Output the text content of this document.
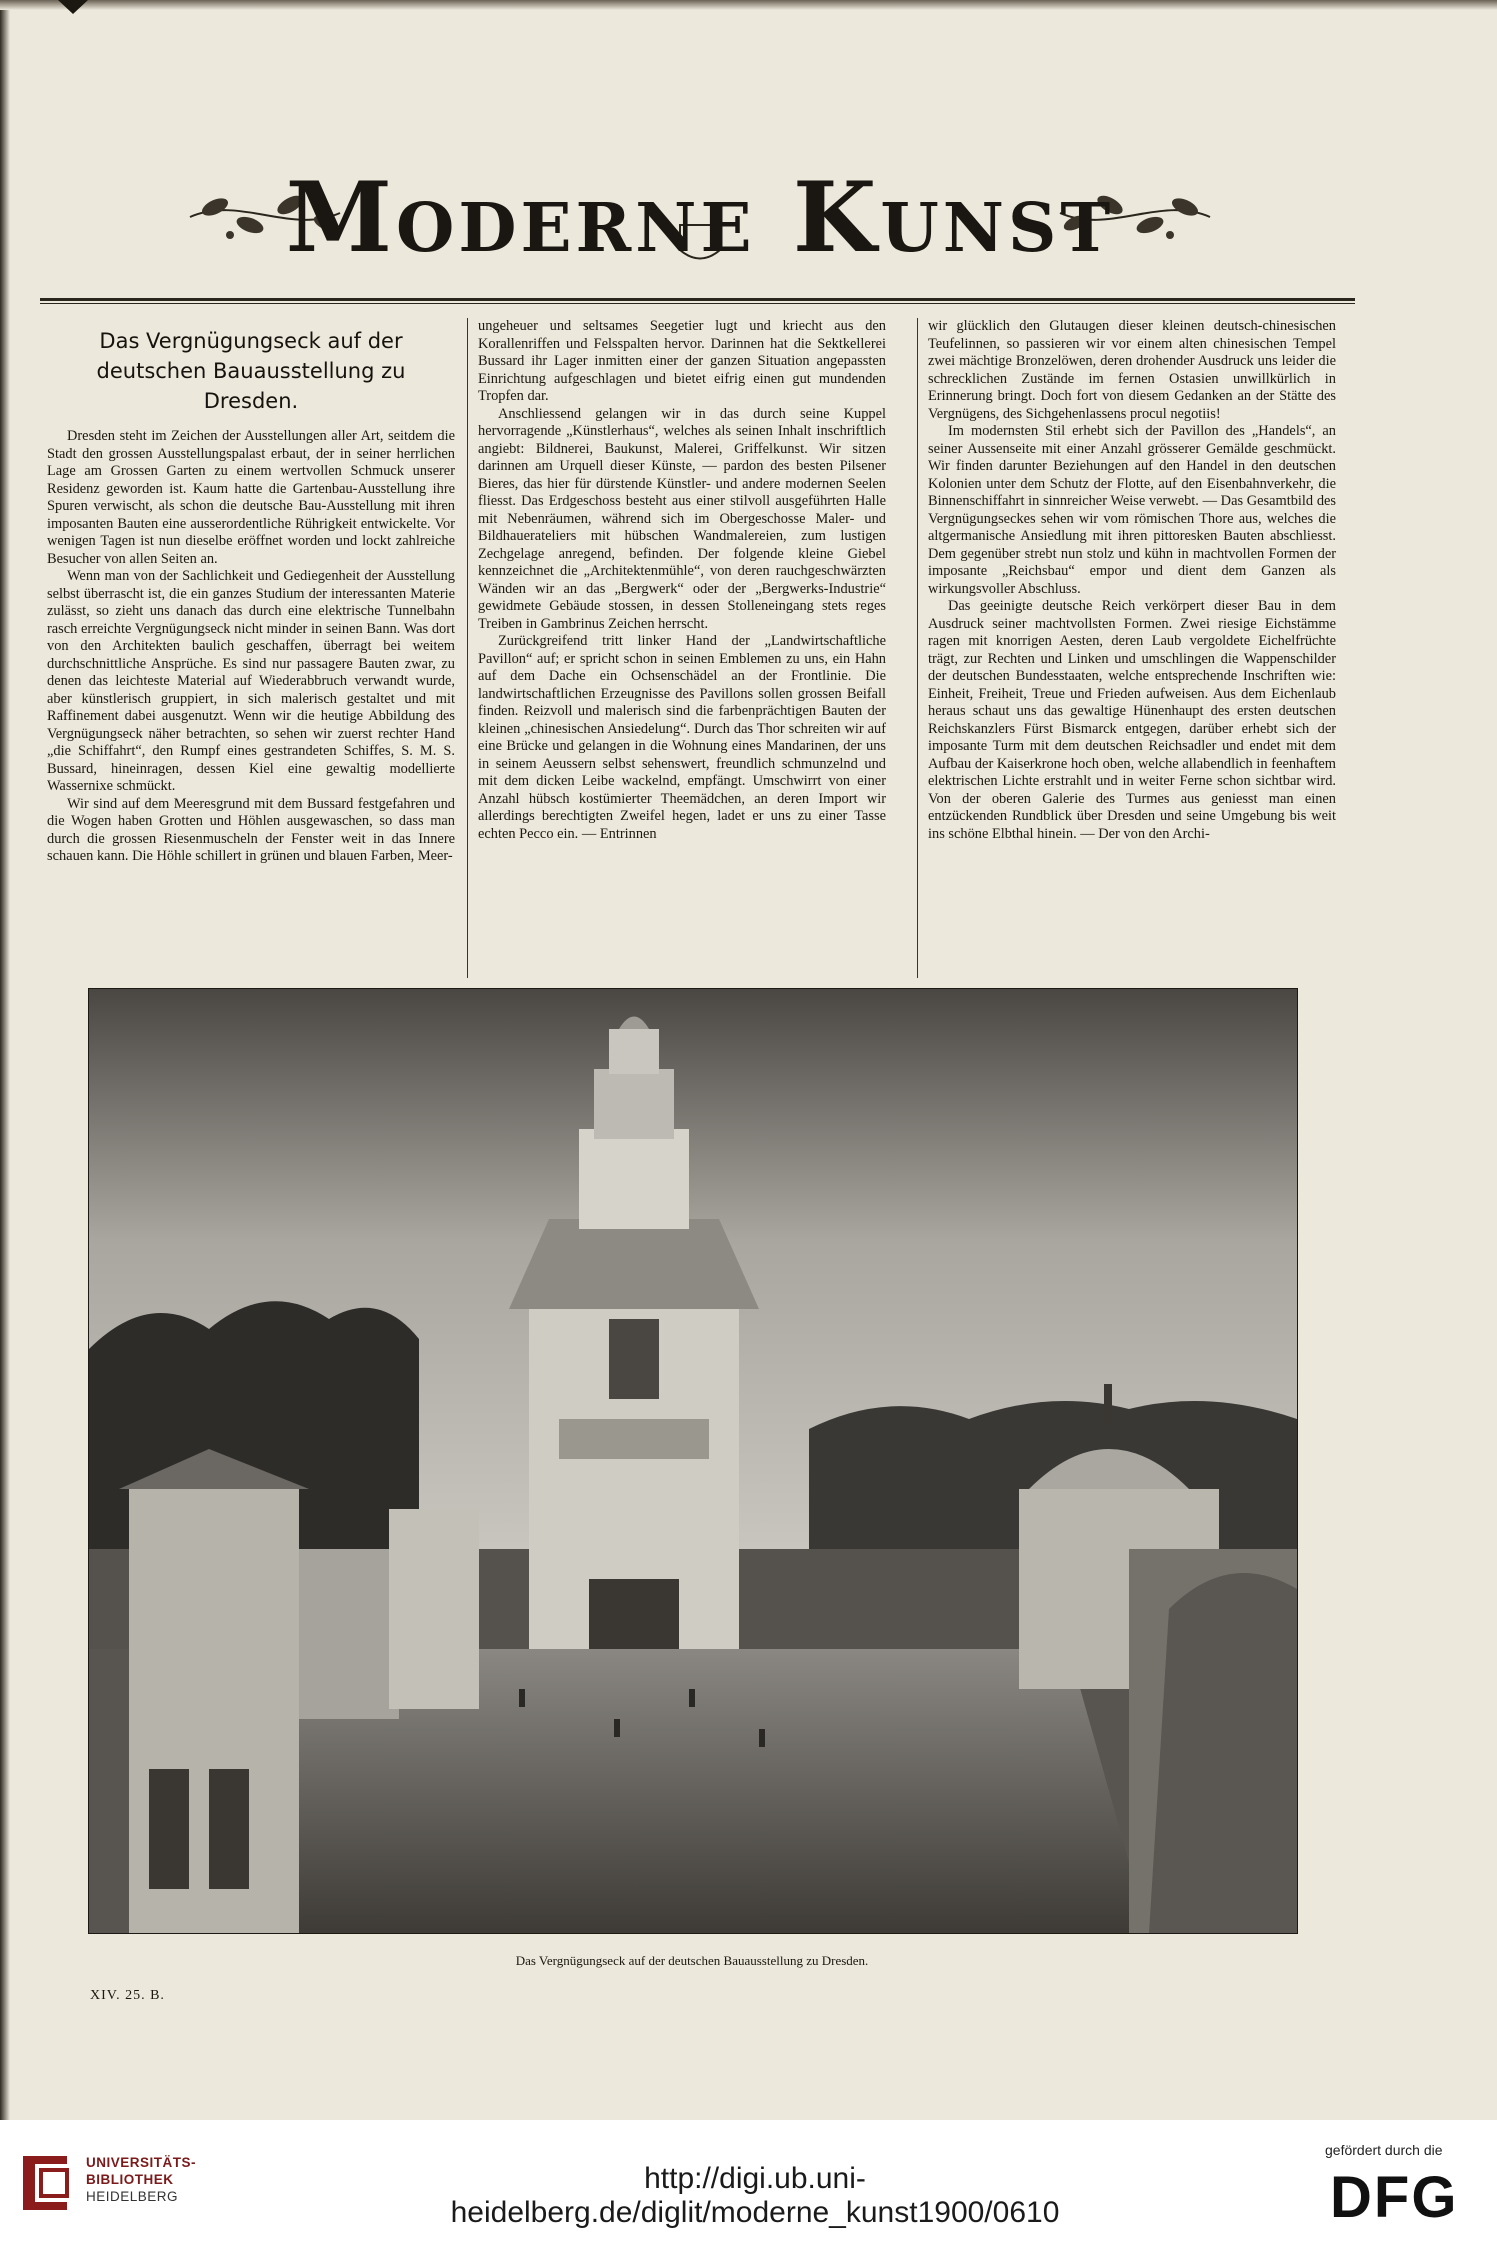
Moderne Kunst
Das Vergnügungseck auf der
deutschen Bauausstellung zu Dresden.

Dresden steht im Zeichen der Ausstellungen aller Art, seitdem die Stadt den grossen Ausstellungspalast erbaut, der in seiner herrlichen Lage am Grossen Garten zu einem wertvollen Schmuck unserer Residenz geworden ist. Kaum hatte die Gartenbau-Ausstellung ihre Spuren verwischt, als schon die deutsche Bau-Ausstellung mit ihren imposanten Bauten eine ausserordentliche Rührigkeit entwickelte. Vor wenigen Tagen ist nun dieselbe eröffnet worden und lockt zahlreiche Besucher von allen Seiten an.

Wenn man von der Sachlichkeit und Gediegenheit der Ausstellung selbst überrascht ist, die ein ganzes Studium der interessanten Materie zulässt, so zieht uns danach das durch eine elektrische Tunnelbahn rasch erreichte Vergnügungseck nicht minder in seinen Bann. Was dort von den Architekten baulich geschaffen, überragt bei weitem durchschnittliche Ansprüche. Es sind nur passagere Bauten zwar, zu denen das leichteste Material auf Wiederabbruch verwandt wurde, aber künstlerisch gruppiert, in sich malerisch gestaltet und mit Raffinement dabei ausgenutzt. Wenn wir die heutige Abbildung des Vergnügungseck näher betrachten, so sehen wir zuerst rechter Hand „die Schiffahrt“, den Rumpf eines gestrandeten Schiffes, S. M. S. Bussard, hineinragen, dessen Kiel eine gewaltig modellierte Wassernixe schmückt.

Wir sind auf dem Meeresgrund mit dem Bussard festgefahren und die Wogen haben Grotten und Höhlen ausgewaschen, so dass man durch die grossen Riesenmuscheln der Fenster weit in das Innere schauen kann. Die Höhle schillert in grünen und blauen Farben, Meer-

ungeheuer und seltsames Seegetier lugt und kriecht aus den Korallenriffen und Felsspalten hervor. Darinnen hat die Sektkellerei Bussard ihr Lager inmitten einer der ganzen Situation angepassten Einrichtung aufgeschlagen und bietet eifrig einen gut mundenden Tropfen dar.

Anschliessend gelangen wir in das durch seine Kuppel hervorragende „Künstlerhaus“, welches als seinen Inhalt inschriftlich angiebt: Bildnerei, Baukunst, Malerei, Griffelkunst. Wir sitzen darinnen am Urquell dieser Künste, — pardon des besten Pilsener Bieres, das hier für dürstende Künstler- und andere modernen Seelen fliesst. Das Erdgeschoss besteht aus einer stilvoll ausgeführten Halle mit Nebenräumen, während sich im Obergeschosse Maler- und Bildhauerateliers mit hübschen Wandmalereien, zum lustigen Zechgelage anregend, befinden. Der folgende kleine Giebel kennzeichnet die „Architektenmühle“, von deren rauchgeschwärzten Wänden wir an das „Bergwerk“ oder der „Bergwerks-Industrie“ gewidmete Gebäude stossen, in dessen Stolleneingang stets reges Treiben in Gambrinus Zeichen herrscht.

Zurückgreifend tritt linker Hand der „Landwirtschaftliche Pavillon“ auf; er spricht schon in seinen Emblemen zu uns, ein Hahn auf dem Dache ein Ochsenschädel an der Frontlinie. Die landwirtschaftlichen Erzeugnisse des Pavillons sollen grossen Beifall finden. Reizvoll und malerisch sind die farbenprächtigen Bauten der kleinen „chinesischen Ansiedelung“. Durch das Thor schreiten wir auf eine Brücke und gelangen in die Wohnung eines Mandarinen, der uns in seinem Aeussern selbst sehenswert, freundlich schmunzelnd und mit dem dicken Leibe wackelnd, empfängt. Umschwirrt von einer Anzahl hübsch kostümierter Theemädchen, an deren Import wir allerdings berechtigten Zweifel hegen, ladet er uns zu einer Tasse echten Pecco ein. — Entrinnen

wir glücklich den Glutaugen dieser kleinen deutsch-chinesischen Teufelinnen, so passieren wir vor einem alten chinesischen Tempel zwei mächtige Bronzelöwen, deren drohender Ausdruck uns leider die schrecklichen Zustände im fernen Ostasien unwillkürlich in Erinnerung bringt. Doch fort von diesem Gedanken an der Stätte des Vergnügens, des Sichgehenlassens procul negotiis!

Im modernsten Stil erhebt sich der Pavillon des „Handels“, an seiner Aussenseite mit einer Anzahl grösserer Gemälde geschmückt. Wir finden darunter Beziehungen auf den Handel in den deutschen Kolonien unter dem Schutz der Flotte, auf den Eisenbahnverkehr, die Binnenschiffahrt in sinnreicher Weise verwebt. — Das Gesamtbild des Vergnügungseckes sehen wir vom römischen Thore aus, welches die altgermanische Ansiedlung mit ihren pittoresken Bauten abschliesst. Dem gegenüber strebt nun stolz und kühn in machtvollen Formen der imposante „Reichsbau“ empor und dient dem Ganzen als wirkungsvoller Abschluss.

Das geeinigte deutsche Reich verkörpert dieser Bau in dem Ausdruck seiner machtvollsten Formen. Zwei riesige Eichstämme ragen mit knorrigen Aesten, deren Laub vergoldete Eichelfrüchte trägt, zur Rechten und Linken und umschlingen die Wappenschilder der deutschen Bundesstaaten, welche entsprechende Inschriften wie: Einheit, Freiheit, Treue und Frieden aufweisen. Aus dem Eichenlaub heraus schaut uns das gewaltige Hünenhaupt des ersten deutschen Reichskanzlers Fürst Bismarck entgegen, darüber erhebt sich der imposante Turm mit dem deutschen Reichsadler und endet mit dem Aufbau der Kaiserkrone hoch oben, welche allabendlich in feenhaftem elektrischen Lichte erstrahlt und in weiter Ferne schon sichtbar wird. Von der oberen Galerie des Turmes aus geniesst man einen entzückenden Rundblick über Dresden und seine Umgebung bis weit ins schöne Elbthal hinein. — Der von den Archi-

Das Vergnügungseck auf der deutschen Bauausstellung zu Dresden.
XIV. 25. B.
UNIVERSITÄTS-
BIBLIOTHEK
HEIDELBERG
http://digi.ub.uni-heidelberg.de/diglit/moderne_kunst1900/0610
gefördert durch die
DFG
